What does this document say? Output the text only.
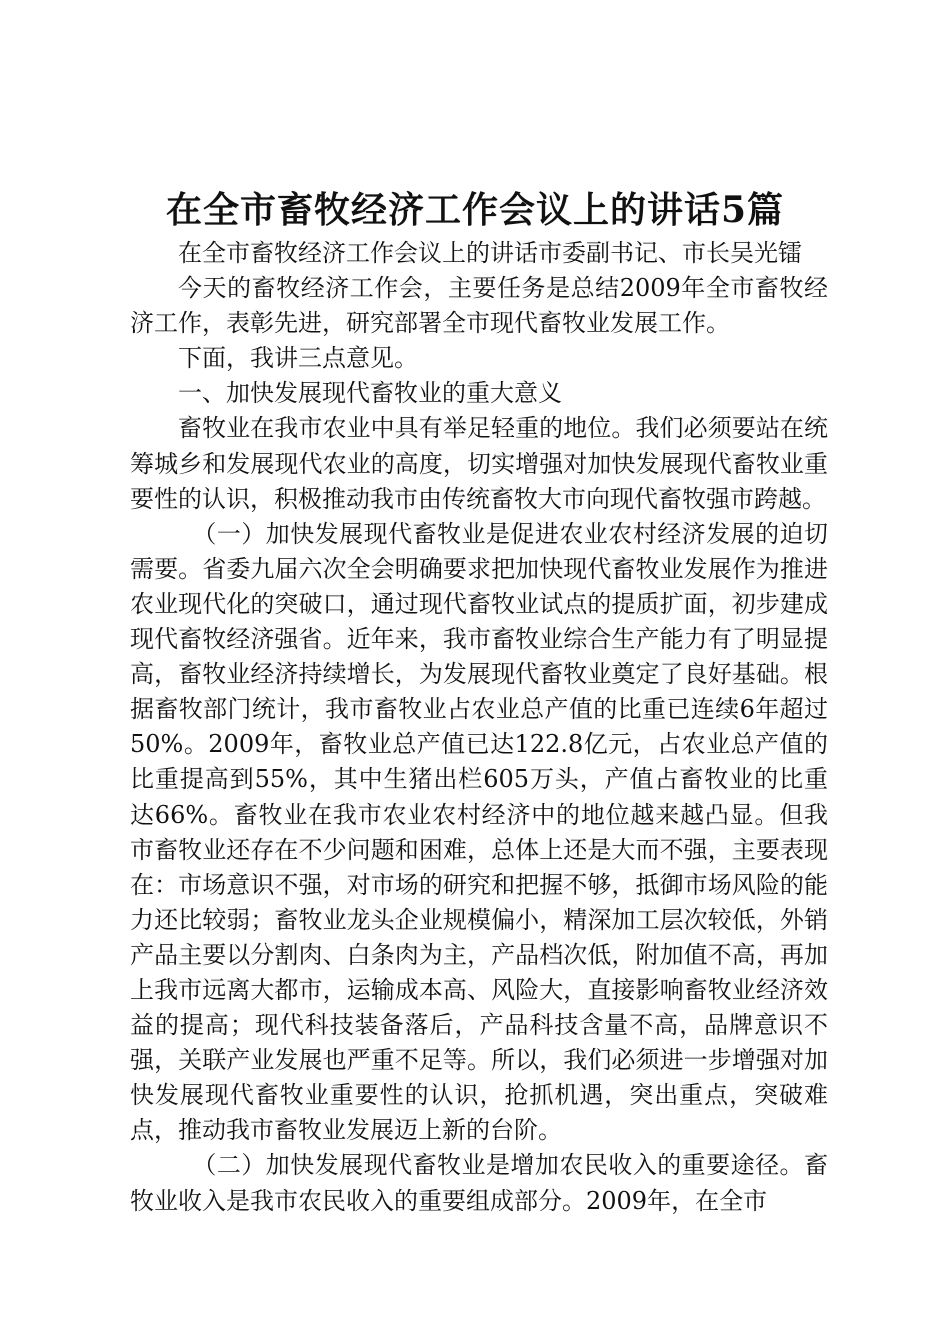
在全市畜牧经济工作会议上的讲话5篇

在全市畜牧经济工作会议上的讲话市委副书记、市长吴光镭

今天的畜牧经济工作会，主要任务是总结2009年全市畜牧经济工作，表彰先进，研究部署全市现代畜牧业发展工作。

下面，我讲三点意见。

一、加快发展现代畜牧业的重大意义

畜牧业在我市农业中具有举足轻重的地位。我们必须要站在统筹城乡和发展现代农业的高度，切实增强对加快发展现代畜牧业重要性的认识，积极推动我市由传统畜牧大市向现代畜牧强市跨越。

（一）加快发展现代畜牧业是促进农业农村经济发展的迫切需要。省委九届六次全会明确要求把加快现代畜牧业发展作为推进农业现代化的突破口，通过现代畜牧业试点的提质扩面，初步建成现代畜牧经济强省。近年来，我市畜牧业综合生产能力有了明显提高，畜牧业经济持续增长，为发展现代畜牧业奠定了良好基础。根据畜牧部门统计，我市畜牧业占农业总产值的比重已连续6年超过50%。2009年，畜牧业总产值已达122.8亿元，占农业总产值的比重提高到55%，其中生猪出栏605万头，产值占畜牧业的比重达66%。畜牧业在我市农业农村经济中的地位越来越凸显。但我市畜牧业还存在不少问题和困难，总体上还是大而不强，主要表现在：市场意识不强，对市场的研究和把握不够，抵御市场风险的能力还比较弱；畜牧业龙头企业规模偏小，精深加工层次较低，外销产品主要以分割肉、白条肉为主，产品档次低，附加值不高，再加上我市远离大都市，运输成本高、风险大，直接影响畜牧业经济效益的提高；现代科技装备落后，产品科技含量不高，品牌意识不强，关联产业发展也严重不足等。所以，我们必须进一步增强对加快发展现代畜牧业重要性的认识，抢抓机遇，突出重点，突破难点，推动我市畜牧业发展迈上新的台阶。

（二）加快发展现代畜牧业是增加农民收入的重要途径。畜牧业收入是我市农民收入的重要组成部分。2009年，在全市
